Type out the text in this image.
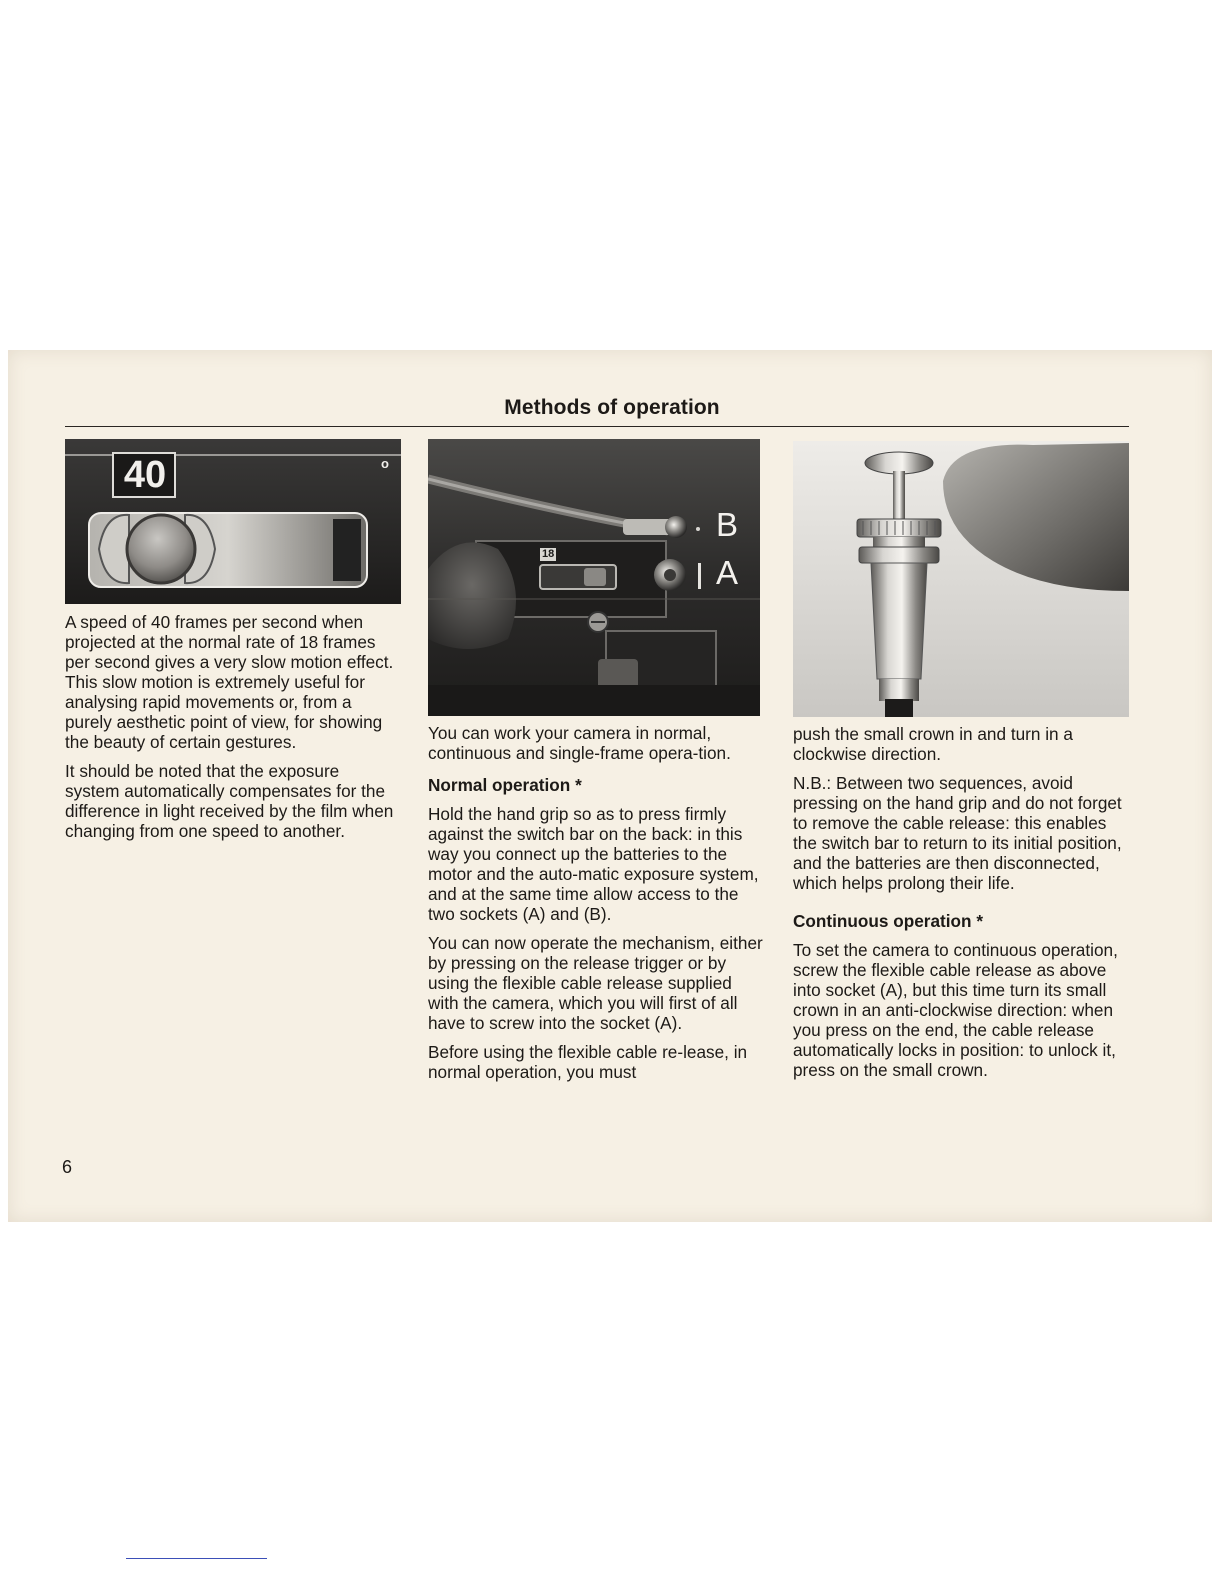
Methods of operation
40	o
B
A
18

A speed of 40 frames per second when projected at the normal rate of 18 frames per second gives a very slow motion effect. This slow motion is extremely useful for analysing rapid movements or, from a purely aesthetic point of view, for showing the beauty of certain gestures.

It should be noted that the exposure system automatically compensates for the difference in light received by the film when changing from one speed to another.

You can work your camera in normal, continuous and single-frame opera-tion.

Normal operation *

Hold the hand grip so as to press firmly against the switch bar on the back: in this way you connect up the batteries to the motor and the auto-matic exposure system, and at the same time allow access to the two sockets (A) and (B).

You can now operate the mechanism, either by pressing on the release trigger or by using the flexible cable release supplied with the camera, which you will first of all have to screw into the socket (A).

Before using the flexible cable re-lease, in normal operation, you must

push the small crown in and turn in a clockwise direction.

N.B.: Between two sequences, avoid pressing on the hand grip and do not forget to remove the cable release: this enables the switch bar to return to its initial position, and the batteries are then disconnected, which helps prolong their life.

Continuous operation *

To set the camera to continuous operation, screw the flexible cable release as above into socket (A), but this time turn its small crown in an anti-clockwise direction: when you press on the end, the cable release automatically locks in position: to unlock it, press on the small crown.

6
